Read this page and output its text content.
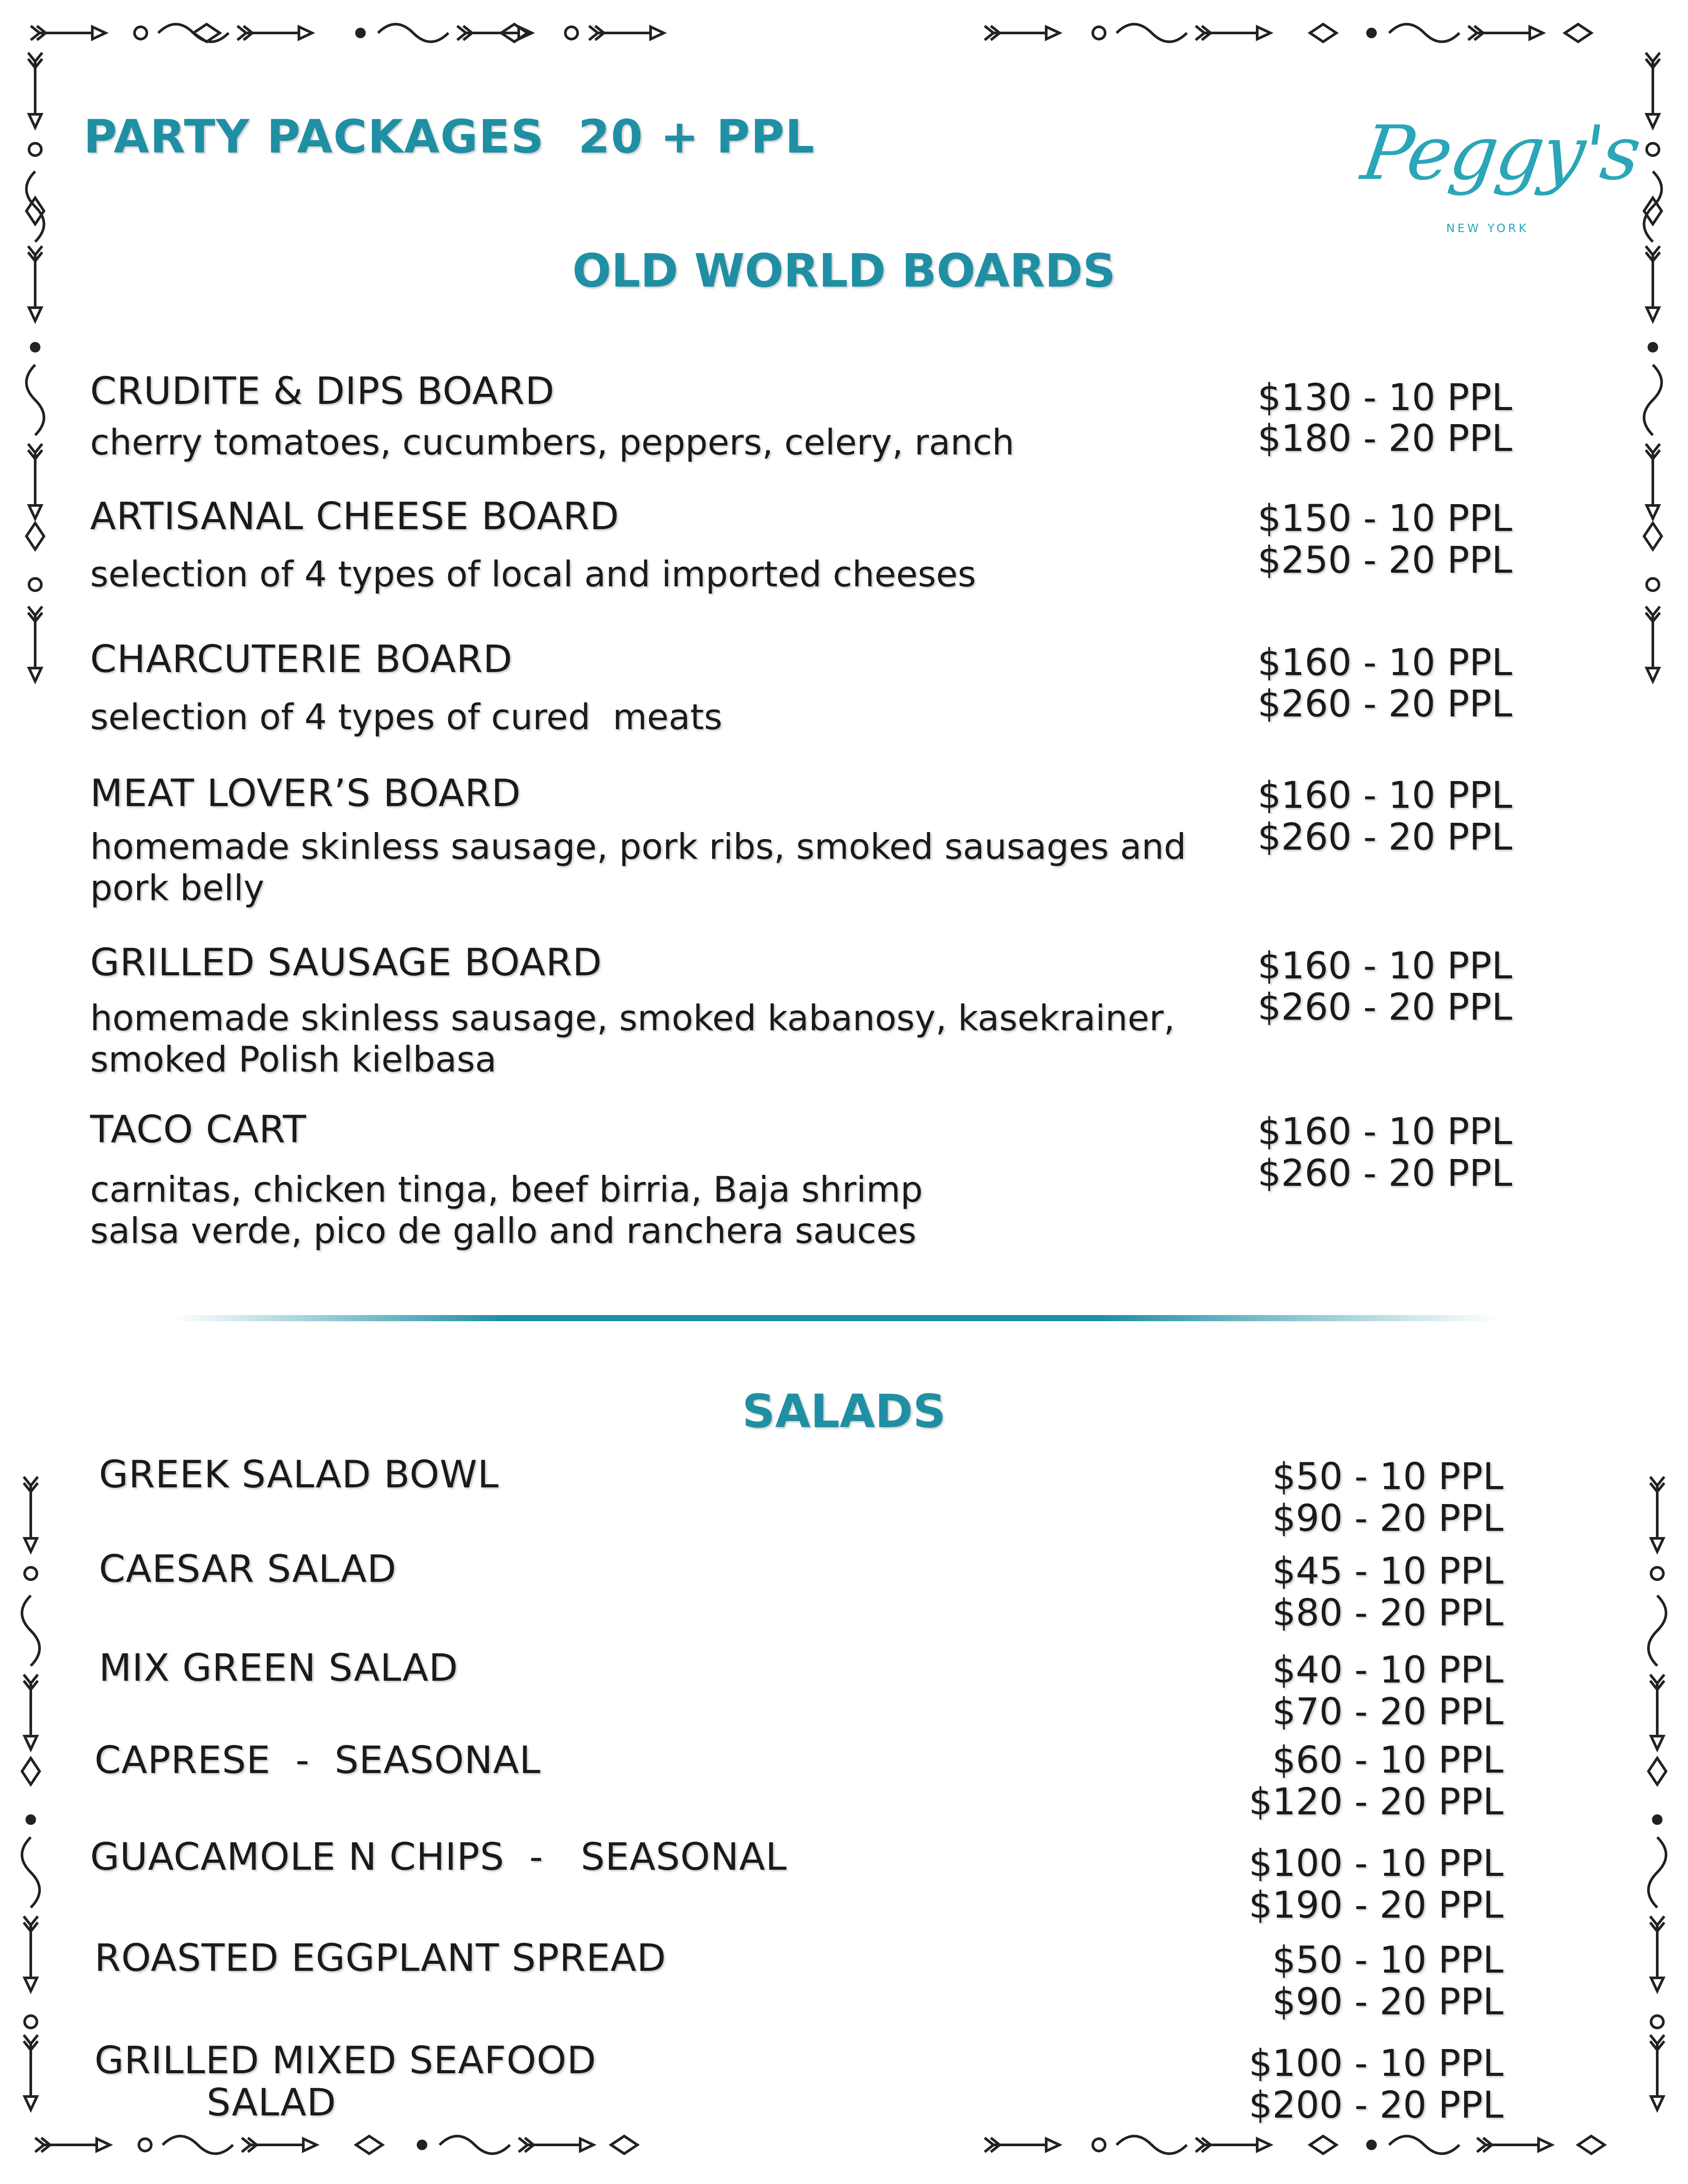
PARTY PACKAGES  20 + PPL	Peggy's
NEW YORK
OLD WORLD BOARDS
CRUDITE & DIPS BOARD
cherry tomatoes, cucumbers, peppers, celery, ranch
$130 - 10 PPL
$180 - 20 PPL
ARTISANAL CHEESE BOARD
selection of 4 types of local and imported cheeses
$150 - 10 PPL
$250 - 20 PPL
CHARCUTERIE BOARD
selection of 4 types of cured  meats
$160 - 10 PPL
$260 - 20 PPL
MEAT LOVER’S BOARD
homemade skinless sausage, pork ribs, smoked sausages and
pork belly
$160 - 10 PPL
$260 - 20 PPL
GRILLED SAUSAGE BOARD
homemade skinless sausage, smoked kabanosy, kasekrainer,
smoked Polish kielbasa
$160 - 10 PPL
$260 - 20 PPL
TACO CART
carnitas, chicken tinga, beef birria, Baja shrimp
salsa verde, pico de gallo and ranchera sauces
$160 - 10 PPL
$260 - 20 PPL
SALADS
GREEK SALAD BOWL	$50 - 10 PPL
$90 - 20 PPL
CAESAR SALAD	$45 - 10 PPL
$80 - 20 PPL
MIX GREEN SALAD	$40 - 10 PPL
$70 - 20 PPL
CAPRESE  -  SEASONAL	$60 - 10 PPL
$120 - 20 PPL
GUACAMOLE N CHIPS  -   SEASONAL	$100 - 10 PPL
$190 - 20 PPL
ROASTED EGGPLANT SPREAD	$50 - 10 PPL
$90 - 20 PPL
GRILLED MIXED SEAFOOD
SALAD
$100 - 10 PPL
$200 - 20 PPL
